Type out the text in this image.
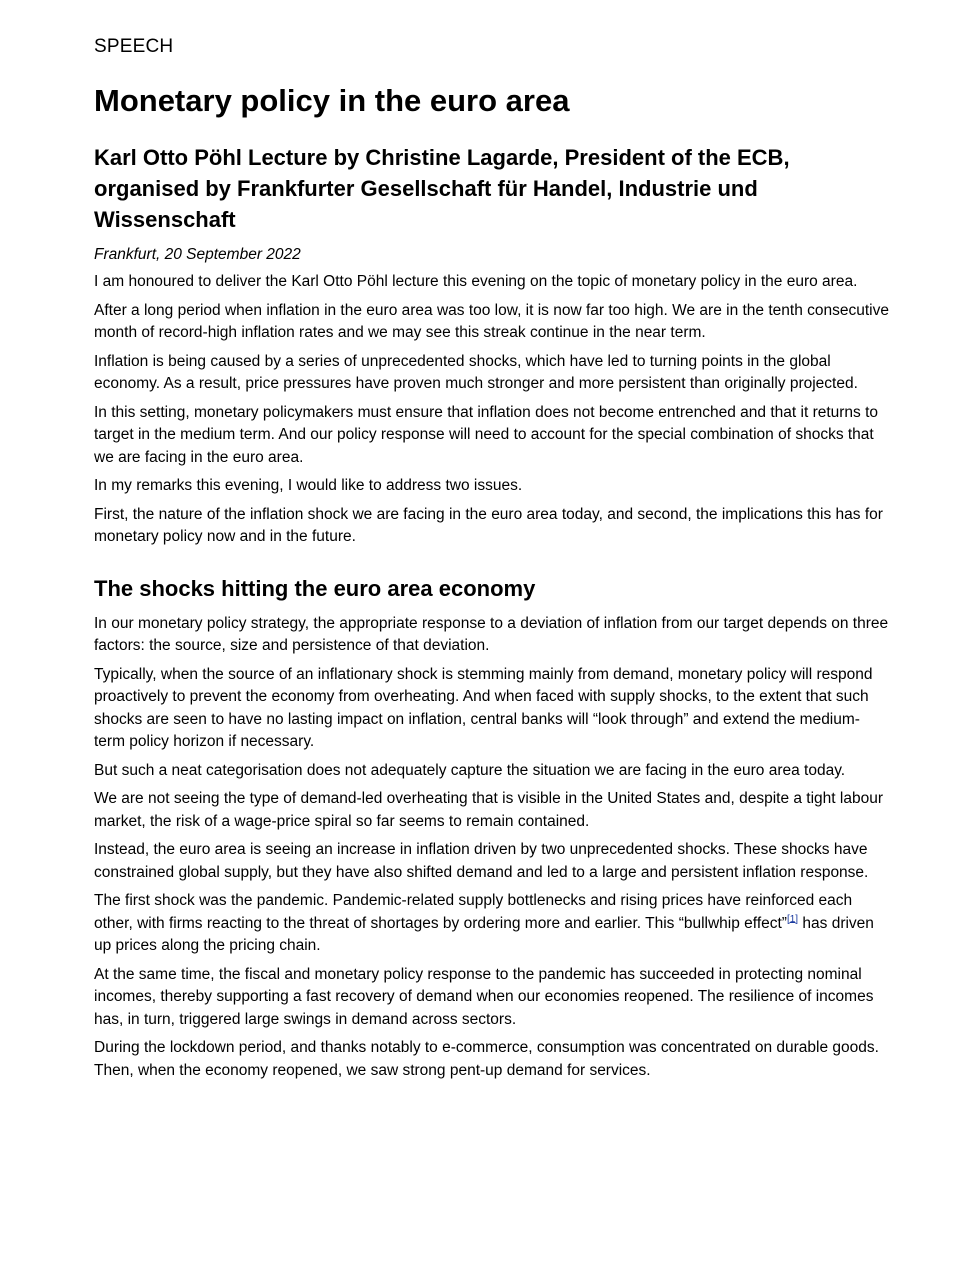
SPEECH
Monetary policy in the euro area
Karl Otto Pöhl Lecture by Christine Lagarde, President of the ECB, organised by Frankfurter Gesellschaft für Handel, Industrie und Wissenschaft
Frankfurt, 20 September 2022

I am honoured to deliver the Karl Otto Pöhl lecture this evening on the topic of monetary policy in the euro area.

After a long period when inflation in the euro area was too low, it is now far too high. We are in the tenth consecutive month of record-high inflation rates and we may see this streak continue in the near term.

Inflation is being caused by a series of unprecedented shocks, which have led to turning points in the global economy. As a result, price pressures have proven much stronger and more persistent than originally projected.

In this setting, monetary policymakers must ensure that inflation does not become entrenched and that it returns to target in the medium term. And our policy response will need to account for the special combination of shocks that we are facing in the euro area.

In my remarks this evening, I would like to address two issues.

First, the nature of the inflation shock we are facing in the euro area today, and second, the implications this has for monetary policy now and in the future.

The shocks hitting the euro area economy

In our monetary policy strategy, the appropriate response to a deviation of inflation from our target depends on three factors: the source, size and persistence of that deviation.

Typically, when the source of an inflationary shock is stemming mainly from demand, monetary policy will respond proactively to prevent the economy from overheating. And when faced with supply shocks, to the extent that such shocks are seen to have no lasting impact on inflation, central banks will “look through” and extend the medium-term policy horizon if necessary.

But such a neat categorisation does not adequately capture the situation we are facing in the euro area today.

We are not seeing the type of demand-led overheating that is visible in the United States and, despite a tight labour market, the risk of a wage-price spiral so far seems to remain contained.

Instead, the euro area is seeing an increase in inflation driven by two unprecedented shocks. These shocks have constrained global supply, but they have also shifted demand and led to a large and persistent inflation response.

The first shock was the pandemic. Pandemic-related supply bottlenecks and rising prices have reinforced each other, with firms reacting to the threat of shortages by ordering more and earlier. This “bullwhip effect”[1] has driven up prices along the pricing chain.

At the same time, the fiscal and monetary policy response to the pandemic has succeeded in protecting nominal incomes, thereby supporting a fast recovery of demand when our economies reopened. The resilience of incomes has, in turn, triggered large swings in demand across sectors.

During the lockdown period, and thanks notably to e-commerce, consumption was concentrated on durable goods. Then, when the economy reopened, we saw strong pent-up demand for services.
